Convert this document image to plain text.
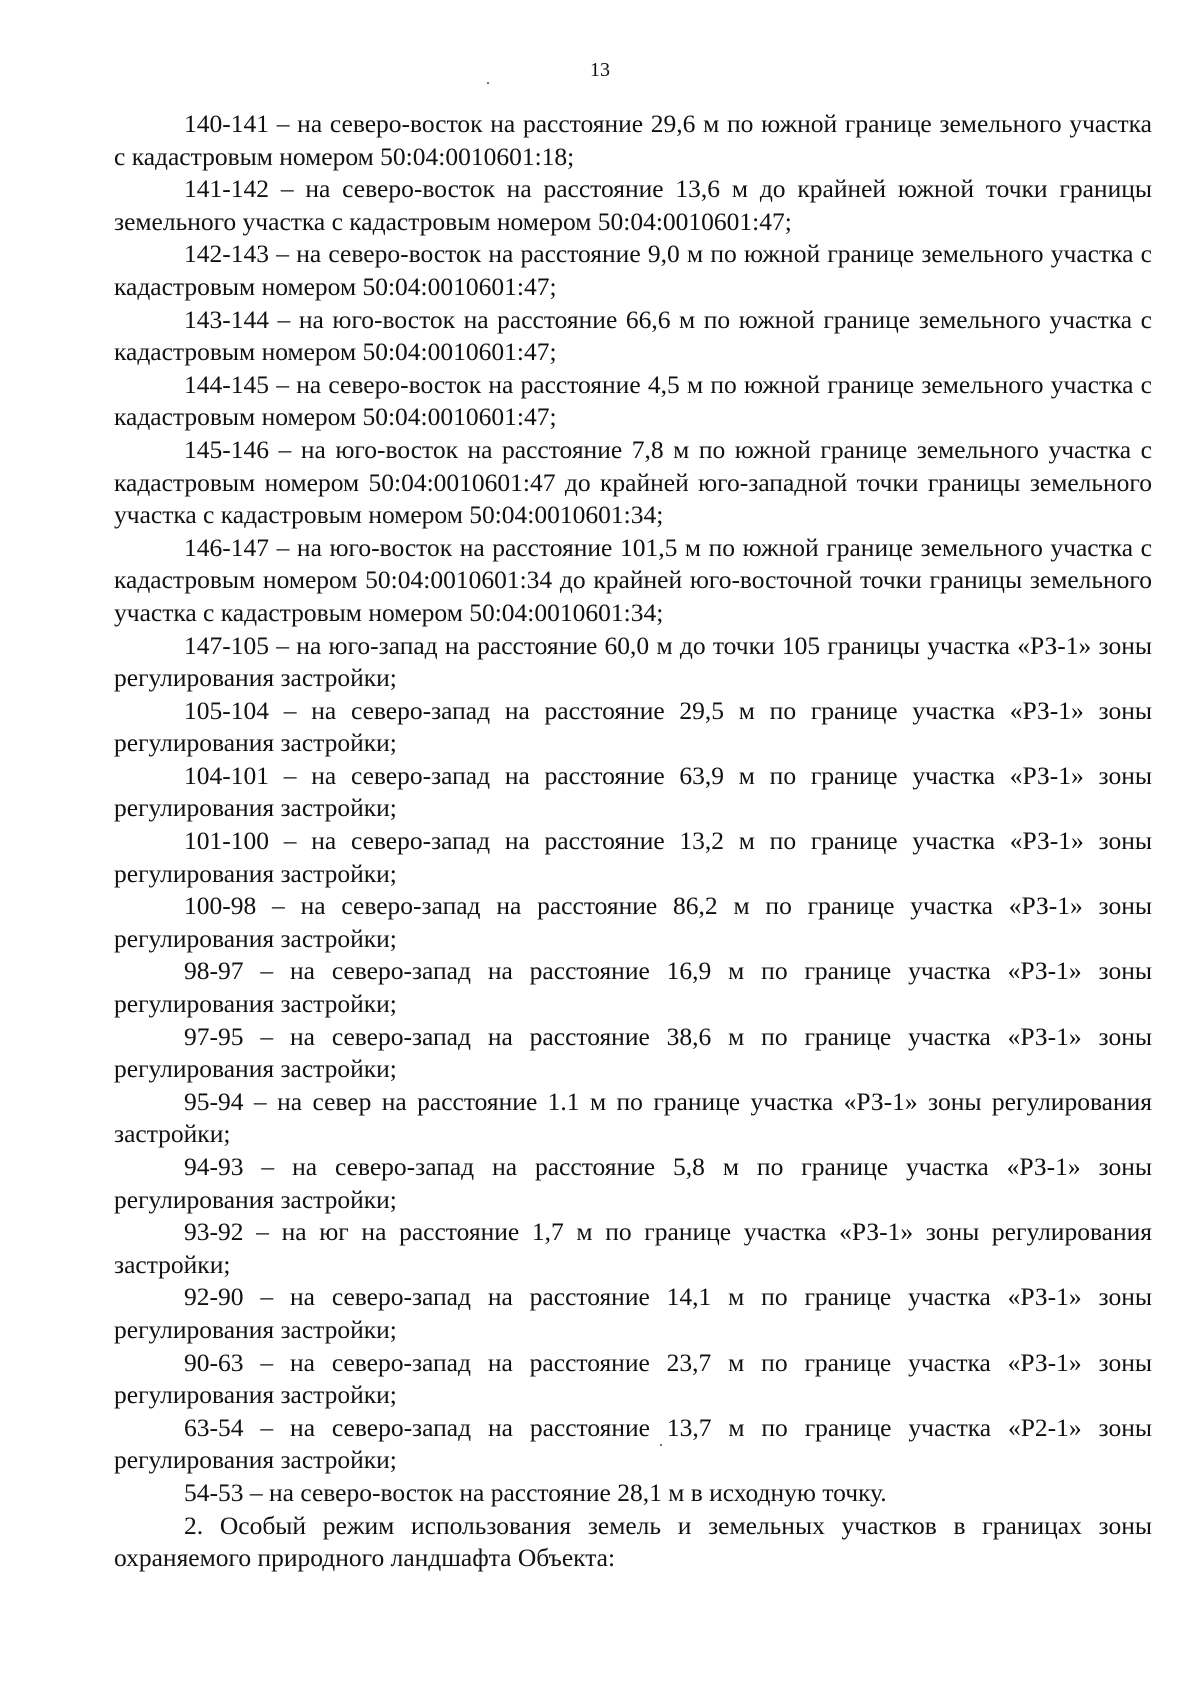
13

140-141 – на северо-восток на расстояние 29,6 м по южной границе земельного участка с кадастровым номером 50:04:0010601:18;

141-142 – на северо-восток на расстояние 13,6 м до крайней южной точки границы земельного участка с кадастровым номером 50:04:0010601:47;

142-143 – на северо-восток на расстояние 9,0 м по южной границе земельного участка с кадастровым номером 50:04:0010601:47;

143-144 – на юго-восток на расстояние 66,6 м по южной границе земельного участка с кадастровым номером 50:04:0010601:47;

144-145 – на северо-восток на расстояние 4,5 м по южной границе земельного участка с кадастровым номером 50:04:0010601:47;

145-146 – на юго-восток на расстояние 7,8 м по южной границе земельного участка с кадастровым номером 50:04:0010601:47 до крайней юго-западной точки границы земельного участка с кадастровым номером 50:04:0010601:34;

146-147 – на юго-восток на расстояние 101,5 м по южной границе земельного участка с кадастровым номером 50:04:0010601:34 до крайней юго-восточной точки границы земельного участка с кадастровым номером 50:04:0010601:34;

147-105 – на юго-запад на расстояние 60,0 м до точки 105 границы участка «РЗ-1» зоны регулирования застройки;

105-104 – на северо-запад на расстояние 29,5 м по границе участка «РЗ-1» зоны регулирования застройки;

104-101 – на северо-запад на расстояние 63,9 м по границе участка «РЗ-1» зоны регулирования застройки;

101-100 – на северо-запад на расстояние 13,2 м по границе участка «РЗ-1» зоны регулирования застройки;

100-98 – на северо-запад на расстояние 86,2 м по границе участка «РЗ-1» зоны регулирования застройки;

98-97 – на северо-запад на расстояние 16,9 м по границе участка «РЗ-1» зоны регулирования застройки;

97-95 – на северо-запад на расстояние 38,6 м по границе участка «РЗ-1» зоны регулирования застройки;

95-94 – на север на расстояние 1.1 м по границе участка «РЗ-1» зоны регулирования застройки;

94-93 – на северо-запад на расстояние 5,8 м по границе участка «РЗ-1» зоны регулирования застройки;

93-92 – на юг на расстояние 1,7 м по границе участка «РЗ-1» зоны регулирования застройки;

92-90 – на северо-запад на расстояние 14,1 м по границе участка «РЗ-1» зоны регулирования застройки;

90-63 – на северо-запад на расстояние 23,7 м по границе участка «РЗ-1» зоны регулирования застройки;

63-54 – на северо-запад на расстояние 13,7 м по границе участка «Р2-1» зоны регулирования застройки;

54-53 – на северо-восток на расстояние 28,1 м в исходную точку.

2. Особый режим использования земель и земельных участков в границах зоны охраняемого природного ландшафта Объекта:
